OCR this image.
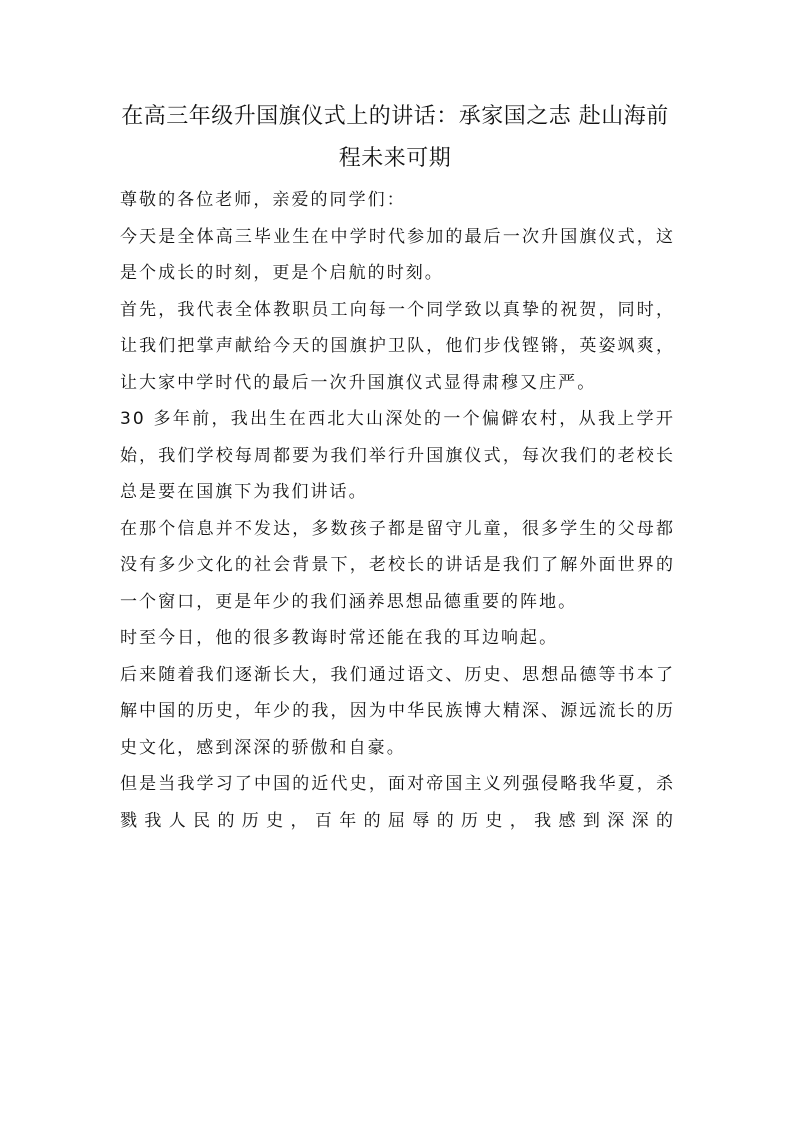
在高三年级升国旗仪式上的讲话：承家国之志 赴山海前程未来可期

尊敬的各位老师，亲爱的同学们：

今天是全体高三毕业生在中学时代参加的最后一次升国旗仪式，这是个成长的时刻，更是个启航的时刻。

首先，我代表全体教职员工向每一个同学致以真挚的祝贺，同时，让我们把掌声献给今天的国旗护卫队，他们步伐铿锵，英姿飒爽，让大家中学时代的最后一次升国旗仪式显得肃穆又庄严。

30 多年前，我出生在西北大山深处的一个偏僻农村，从我上学开始，我们学校每周都要为我们举行升国旗仪式，每次我们的老校长总是要在国旗下为我们讲话。

在那个信息并不发达，多数孩子都是留守儿童，很多学生的父母都没有多少文化的社会背景下，老校长的讲话是我们了解外面世界的一个窗口，更是年少的我们涵养思想品德重要的阵地。

时至今日，他的很多教诲时常还能在我的耳边响起。

后来随着我们逐渐长大，我们通过语文、历史、思想品德等书本了解中国的历史，年少的我，因为中华民族博大精深、源远流长的历史文化，感到深深的骄傲和自豪。

但是当我学习了中国的近代史，面对帝国主义列强侵略我华夏，杀戮我人民的历史，百年的屈辱的历史，我感到深深的
